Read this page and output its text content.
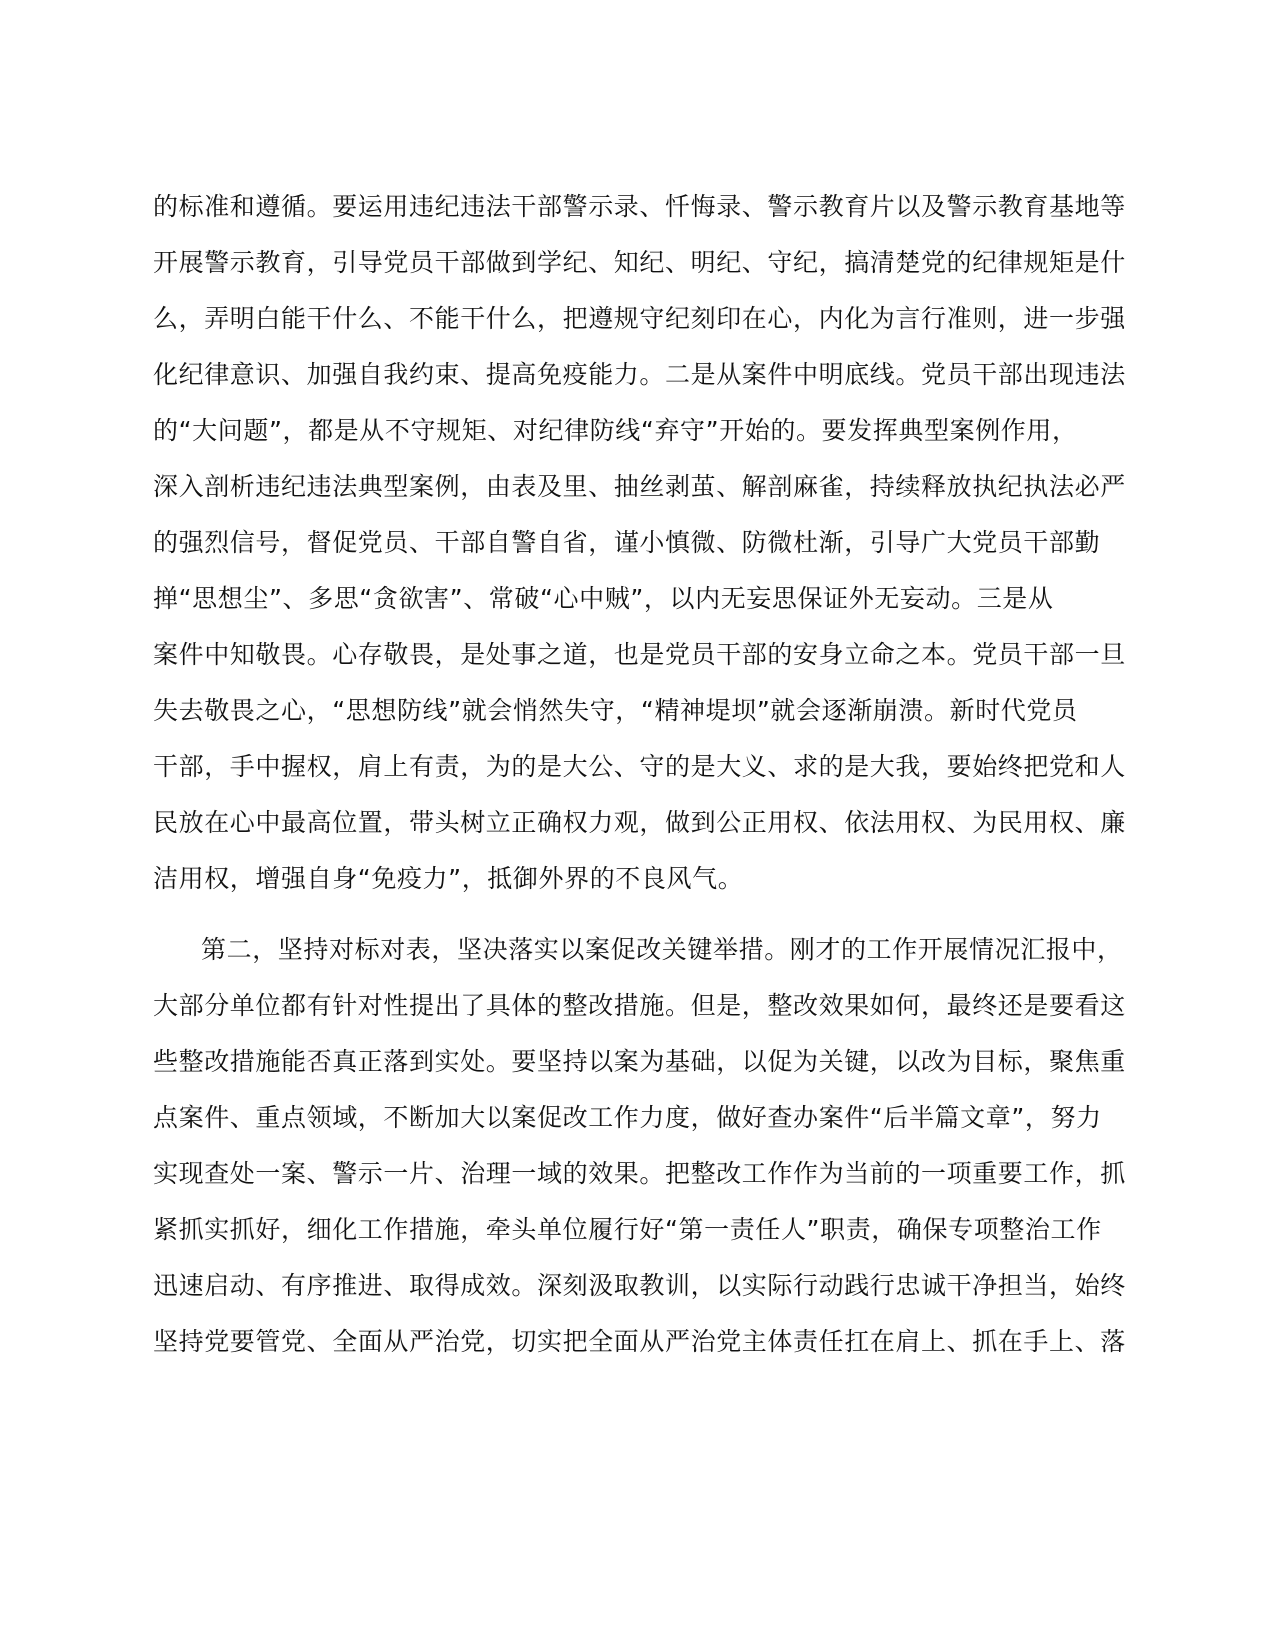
的标准和遵循。要运用违纪违法干部警示录、忏悔录、警示教育片以及警示教育基地等
开展警示教育，引导党员干部做到学纪、知纪、明纪、守纪，搞清楚党的纪律规矩是什
么，弄明白能干什么、不能干什么，把遵规守纪刻印在心，内化为言行准则，进一步强
化纪律意识、加强自我约束、提高免疫能力。二是从案件中明底线。党员干部出现违法
的“大问题”，都是从不守规矩、对纪律防线“弃守”开始的。要发挥典型案例作用，
深入剖析违纪违法典型案例，由表及里、抽丝剥茧、解剖麻雀，持续释放执纪执法必严
的强烈信号，督促党员、干部自警自省，谨小慎微、防微杜渐，引导广大党员干部勤
掸“思想尘”、多思“贪欲害”、常破“心中贼”，以内无妄思保证外无妄动。三是从
案件中知敬畏。心存敬畏，是处事之道，也是党员干部的安身立命之本。党员干部一旦
失去敬畏之心，“思想防线”就会悄然失守，“精神堤坝”就会逐渐崩溃。新时代党员
干部，手中握权，肩上有责，为的是大公、守的是大义、求的是大我，要始终把党和人
民放在心中最高位置，带头树立正确权力观，做到公正用权、依法用权、为民用权、廉
洁用权，增强自身“免疫力”，抵御外界的不良风气。
第二，坚持对标对表，坚决落实以案促改关键举措。刚才的工作开展情况汇报中，
大部分单位都有针对性提出了具体的整改措施。但是，整改效果如何，最终还是要看这
些整改措施能否真正落到实处。要坚持以案为基础，以促为关键，以改为目标，聚焦重
点案件、重点领域，不断加大以案促改工作力度，做好查办案件“后半篇文章”，努力
实现查处一案、警示一片、治理一域的效果。把整改工作作为当前的一项重要工作，抓
紧抓实抓好，细化工作措施，牵头单位履行好“第一责任人”职责，确保专项整治工作
迅速启动、有序推进、取得成效。深刻汲取教训，以实际行动践行忠诚干净担当，始终
坚持党要管党、全面从严治党，切实把全面从严治党主体责任扛在肩上、抓在手上、落
